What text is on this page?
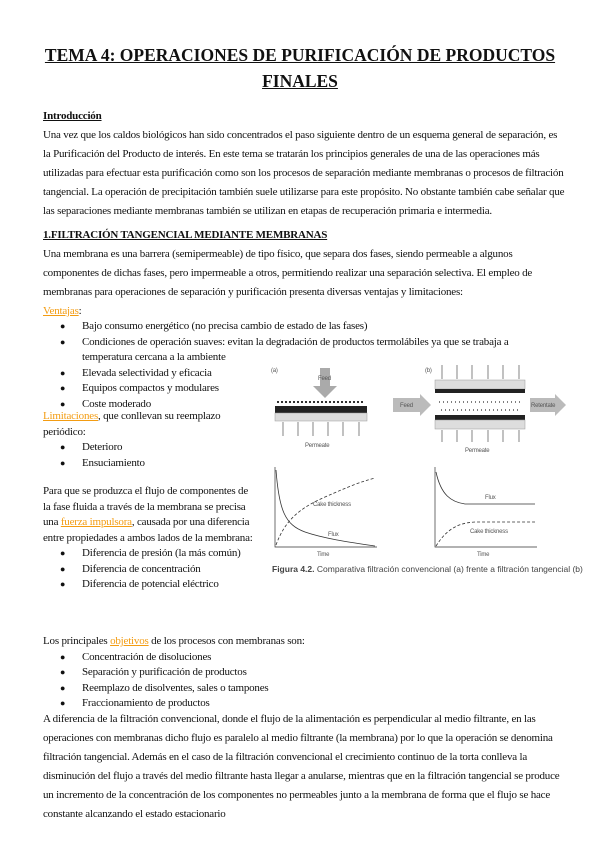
TEMA 4: OPERACIONES DE PURIFICACIÓN DE PRODUCTOS FINALES
Introducción
Una vez que los caldos biológicos han sido concentrados el paso siguiente dentro de un esquema general de separación, es la Purificación del Producto de interés. En este tema se tratarán los principios generales de una de las operaciones más utilizadas para efectuar esta purificación como son los procesos de separación mediante membranas o procesos de filtración tangencial. La operación de precipitación también suele utilizarse para este propósito. No obstante también cabe señalar que las separaciones mediante membranas también se utilizan en etapas de recuperación primaria e intermedia.
1.FILTRACIÓN TANGENCIAL MEDIANTE MEMBRANAS
Una membrana es una barrera (semipermeable) de tipo físico, que separa dos fases, siendo permeable a algunos componentes de dichas fases, pero impermeable a otros, permitiendo realizar una separación selectiva. El empleo de membranas para operaciones de separación y purificación presenta diversas ventajas y limitaciones:
Ventajas:
● Bajo consumo energético (no precisa cambio de estado de las fases)
● Condiciones de operación suaves: evitan la degradación de productos termolábiles ya que se trabaja a temperatura cercana a la ambiente
● Elevada selectividad y eficacia
● Equipos compactos y modulares
● Coste moderado
Limitaciones, que conllevan su reemplazo periódico:
● Deterioro
● Ensuciamiento
Para que se produzca el flujo de componentes de la fase fluida a través de la membrana se precisa una fuerza impulsora, causada por una diferencia entre propiedades a ambos lados de la membrana:
● Diferencia de presión (la más común)
● Diferencia de concentración
● Diferencia de potencial eléctrico
Los principales objetivos de los procesos con membranas son:
● Concentración de disoluciones
● Separación y purificación de productos
● Reemplazo de disolventes, sales o tampones
● Fraccionamiento de productos
A diferencia de la filtración convencional, donde el flujo de la alimentación es perpendicular al medio filtrante, en las operaciones con membranas dicho flujo es paralelo al medio filtrante (la membrana) por lo que la operación se denomina filtración tangencial. Además en el caso de la filtración convencional el crecimiento continuo de la torta conlleva la disminución del flujo a través del medio filtrante hasta llegar a anularse, mientras que en la filtración tangencial se produce un incremento de la concentración de los componentes no permeables junto a la membrana de forma que el flujo se hace constante alcanzando el estado estacionario
(a)
Feed
Permeate
(b)
Feed	Retentate
Permeate
Cake thickness
Flux
Time
Flux
Cake thickness
Time
Figura 4.2. Comparativa filtración convencional (a) frente a filtración tangencial (b)
